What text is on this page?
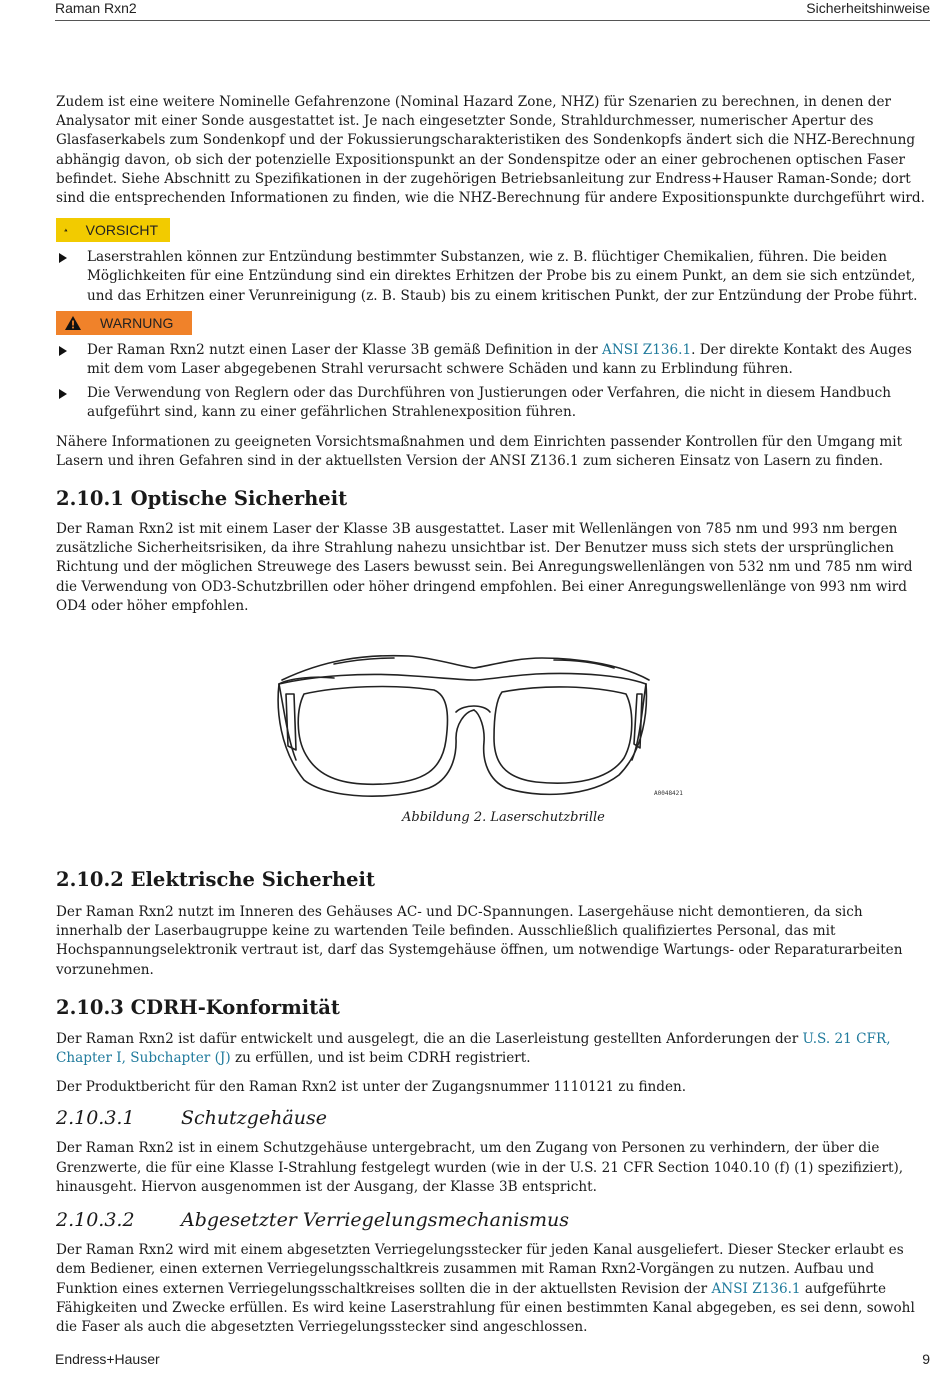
Raman Rxn2	Sicherheitshinweise

Zudem ist eine weitere Nominelle Gefahrenzone (Nominal Hazard Zone, NHZ) für Szenarien zu berechnen, in denen der Analysator mit einer Sonde ausgestattet ist. Je nach eingesetzter Sonde, Strahldurchmesser, numerischer Apertur des Glasfaserkabels zum Sondenkopf und der Fokussierungscharakteristiken des Sondenkopfs ändert sich die NHZ-Berechnung abhängig davon, ob sich der potenzielle Expositionspunkt an der Sondenspitze oder an einer gebrochenen optischen Faser befindet. Siehe Abschnitt zu Spezifikationen in der zugehörigen Betriebsanleitung zur Endress+Hauser Raman-Sonde; dort sind die entsprechenden Informationen zu finden, wie die NHZ-Berechnung für andere Expositionspunkte durchgeführt wird.

VORSICHT
Laserstrahlen können zur Entzündung bestimmter Substanzen, wie z. B. flüchtiger Chemikalien, führen. Die beiden Möglichkeiten für eine Entzündung sind ein direktes Erhitzen der Probe bis zu einem Punkt, an dem sie sich entzündet, und das Erhitzen einer Verunreinigung (z. B. Staub) bis zu einem kritischen Punkt, der zur Entzündung der Probe führt.
WARNUNG
Der Raman Rxn2 nutzt einen Laser der Klasse 3B gemäß Definition in der ANSI Z136.1. Der direkte Kontakt des Auges mit dem vom Laser abgegebenen Strahl verursacht schwere Schäden und kann zu Erblindung führen.
Die Verwendung von Reglern oder das Durchführen von Justierungen oder Verfahren, die nicht in diesem Handbuch aufgeführt sind, kann zu einer gefährlichen Strahlenexposition führen.

Nähere Informationen zu geeigneten Vorsichtsmaßnahmen und dem Einrichten passender Kontrollen für den Umgang mit Lasern und ihren Gefahren sind in der aktuellsten Version der ANSI Z136.1 zum sicheren Einsatz von Lasern zu finden.

2.10.1 Optische Sicherheit

Der Raman Rxn2 ist mit einem Laser der Klasse 3B ausgestattet. Laser mit Wellenlängen von 785 nm und 993 nm bergen zusätzliche Sicherheitsrisiken, da ihre Strahlung nahezu unsichtbar ist. Der Benutzer muss sich stets der ursprünglichen Richtung und der möglichen Streuwege des Lasers bewusst sein. Bei Anregungswellenlängen von 532 nm und 785 nm wird die Verwendung von OD3-Schutzbrillen oder höher dringend empfohlen. Bei einer Anregungswellenlänge von 993 nm wird OD4 oder höher empfohlen.

A0048421
Abbildung 2. Laserschutzbrille
2.10.2 Elektrische Sicherheit

Der Raman Rxn2 nutzt im Inneren des Gehäuses AC- und DC-Spannungen. Lasergehäuse nicht demontieren, da sich innerhalb der Laserbaugruppe keine zu wartenden Teile befinden. Ausschließlich qualifiziertes Personal, das mit Hochspannungselektronik vertraut ist, darf das Systemgehäuse öffnen, um notwendige Wartungs- oder Reparaturarbeiten vorzunehmen.

2.10.3 CDRH-Konformität

Der Raman Rxn2 ist dafür entwickelt und ausgelegt, die an die Laserleistung gestellten Anforderungen der U.S. 21 CFR, Chapter I, Subchapter (J) zu erfüllen, und ist beim CDRH registriert.

Der Produktbericht für den Raman Rxn2 ist unter der Zugangsnummer 1110121 zu finden.

2.10.3.1 Schutzgehäuse

Der Raman Rxn2 ist in einem Schutzgehäuse untergebracht, um den Zugang von Personen zu verhindern, der über die Grenzwerte, die für eine Klasse I-Strahlung festgelegt wurden (wie in der U.S. 21 CFR Section 1040.10 (f) (1) spezifiziert), hinausgeht. Hiervon ausgenommen ist der Ausgang, der Klasse 3B entspricht.

2.10.3.2 Abgesetzter Verriegelungsmechanismus

Der Raman Rxn2 wird mit einem abgesetzten Verriegelungsstecker für jeden Kanal ausgeliefert. Dieser Stecker erlaubt es dem Bediener, einen externen Verriegelungsschaltkreis zusammen mit Raman Rxn2-Vorgängen zu nutzen. Aufbau und Funktion eines externen Verriegelungsschaltkreises sollten die in der aktuellsten Revision der ANSI Z136.1 aufgeführte Fähigkeiten und Zwecke erfüllen. Es wird keine Laserstrahlung für einen bestimmten Kanal abgegeben, es sei denn, sowohl die Faser als auch die abgesetzten Verriegelungsstecker sind angeschlossen.

Endress+Hauser	9
